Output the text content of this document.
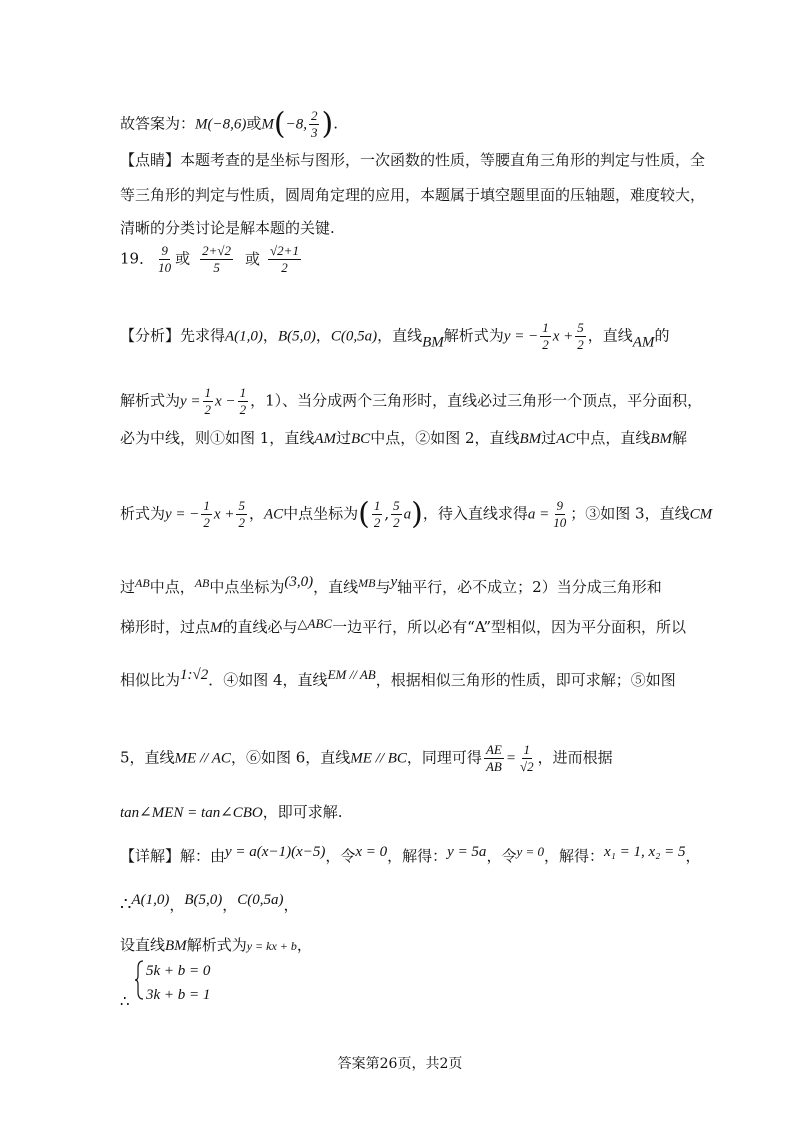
故答案为：M(−8,6)或M(−8, $\frac{2}{3}$ ).
【点睛】本题考查的是坐标与图形，一次函数的性质，等腰直角三角形的判定与性质，全
等三角形的判定与性质，圆周角定理的应用，本题属于填空题里面的压轴题，难度较大，
清晰的分类讨论是解本题的关键.
19． $\frac{9}{10}$ 或 $\frac{2+√2}{5}$ 或 $\frac{√2+1}{2}$
【分析】先求得A(1,0)，B(5,0)，C(0,5a)，直线BM解析式为y = − $\frac{1}{2}$ $x + \frac{5}{2}$ ，直线AM的
解析式为$y = \frac{1}{2}$ $x - \frac{1}{2}$ ，1）、当分成两个三角形时，直线必过三角形一个顶点，平分面积，
必为中线，则①如图 1，直线AM过BC中点，②如图 2，直线BM过AC中点，直线BM解
析式为y = − $\frac{1}{2}$ $x + \frac{5}{2}$ ，AC中点坐标为( $\frac{1}{2}$ , $\frac{5}{2} a$)，待入直线求得$a = \frac{9}{10}$ ；③如图 3，直线CM
过$^{AB}$中点，$^{AB}$中点坐标为(3,0)，直线$^{MB}$与y轴平行，必不成立；2）当分成三角形和
梯形时，过点M的直线必与△ABC一边平行，所以必有“A”型相似，因为平分面积，所以
相似比为1:√2．④如图 4，直线EM // AB，根据相似三角形的性质，即可求解；⑤如图
5，直线ME // AC，⑥如图 6，直线ME // BC，同理可得 $\frac{AE}{AB} = \frac{1}{√2}$ ，进而根据
tan∠MEN = tan∠CBO，即可求解.
【详解】解：由y = a(x−1)(x−5)，令x = 0，解得：y = 5a，令y = 0，解得：x₁ = 1, x₂ = 5，
∴A(1,0)，B(5,0)，C(0,5a)，
设直线BM解析式为y = kx + b，
∴
5k + b = 0
3k + b = 1
答案第26页，共2页
